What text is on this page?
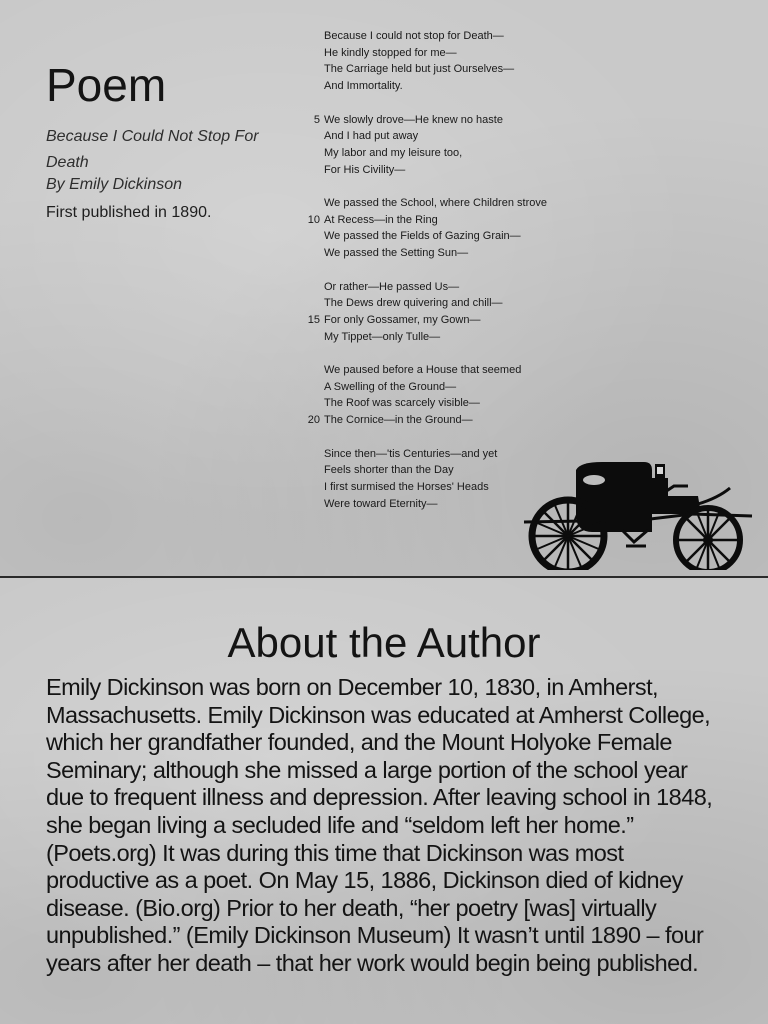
Poem

Because I Could Not Stop For Death

By Emily Dickinson

First published in 1890.

Because I could not stop for Death—
He kindly stopped for me—
The Carriage held but just Ourselves—
And Immortality.
5 We slowly drove—He knew no haste
And I had put away
My labor and my leisure too,
For His Civility—
We passed the School, where Children strove
10 At Recess—in the Ring
We passed the Fields of Gazing Grain—
We passed the Setting Sun—
Or rather—He passed Us—
The Dews drew quivering and chill—
15 For only Gossamer, my Gown—
My Tippet—only Tulle—
We paused before a House that seemed
A Swelling of the Ground—
The Roof was scarcely visible—
20 The Cornice—in the Ground—
Since then—'tis Centuries—and yet
Feels shorter than the Day
I first surmised the Horses' Heads
Were toward Eternity—
About the Author

Emily Dickinson was born on December 10, 1830, in Amherst, Massachusetts. Emily Dickinson was educated at Amherst College, which her grandfather founded, and the Mount Holyoke Female Seminary; although she missed a large portion of the school year due to frequent illness and depression. After leaving school in 1848, she began living a secluded life and “seldom left her home.” (Poets.org) It was during this time that Dickinson was most productive as a poet. On May 15, 1886, Dickinson died of kidney disease. (Bio.org) Prior to her death, “her poetry [was] virtually unpublished.” (Emily Dickinson Museum) It wasn’t until 1890 – four years after her death – that her work would begin being published.
